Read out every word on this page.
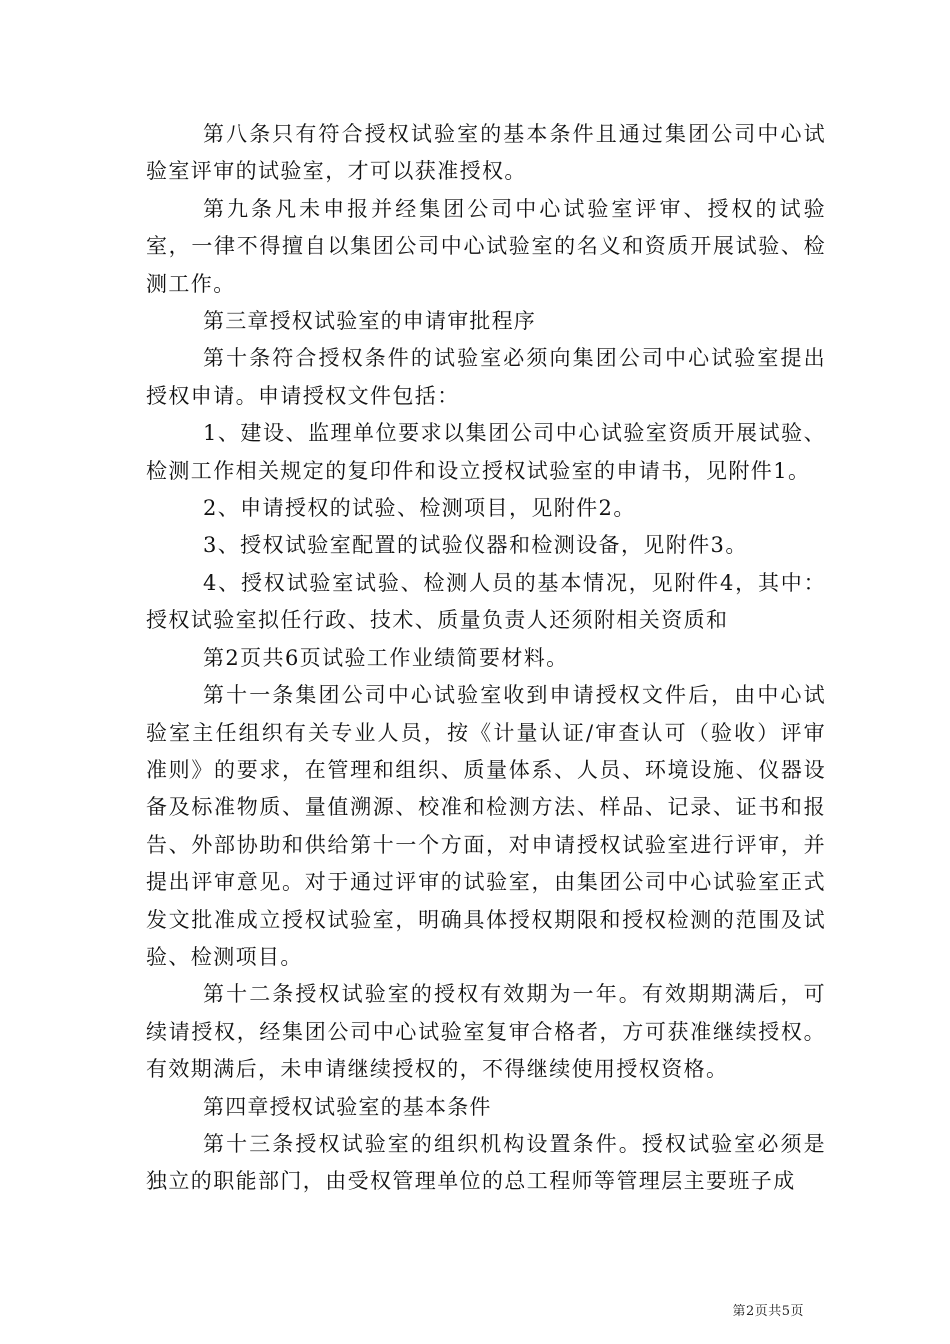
第八条只有符合授权试验室的基本条件且通过集团公司中心试验室评审的试验室，才可以获准授权。

第九条凡未申报并经集团公司中心试验室评审、授权的试验室，一律不得擅自以集团公司中心试验室的名义和资质开展试验、检测工作。

第三章授权试验室的申请审批程序

第十条符合授权条件的试验室必须向集团公司中心试验室提出授权申请。申请授权文件包括：

1、建设、监理单位要求以集团公司中心试验室资质开展试验、检测工作相关规定的复印件和设立授权试验室的申请书，见附件1。

2、申请授权的试验、检测项目，见附件2。

3、授权试验室配置的试验仪器和检测设备，见附件3。

4、授权试验室试验、检测人员的基本情况，见附件4，其中：授权试验室拟任行政、技术、质量负责人还须附相关资质和

第2页共6页试验工作业绩简要材料。

第十一条集团公司中心试验室收到申请授权文件后，由中心试验室主任组织有关专业人员，按《计量认证/审查认可（验收）评审准则》的要求，在管理和组织、质量体系、人员、环境设施、仪器设备及标准物质、量值溯源、校准和检测方法、样品、记录、证书和报告、外部协助和供给第十一个方面，对申请授权试验室进行评审，并提出评审意见。对于通过评审的试验室，由集团公司中心试验室正式发文批准成立授权试验室，明确具体授权期限和授权检测的范围及试验、检测项目。

第十二条授权试验室的授权有效期为一年。有效期期满后，可续请授权，经集团公司中心试验室复审合格者，方可获准继续授权。有效期满后，未申请继续授权的，不得继续使用授权资格。

第四章授权试验室的基本条件

第十三条授权试验室的组织机构设置条件。授权试验室必须是独立的职能部门，由受权管理单位的总工程师等管理层主要班子成

第2页共5页
